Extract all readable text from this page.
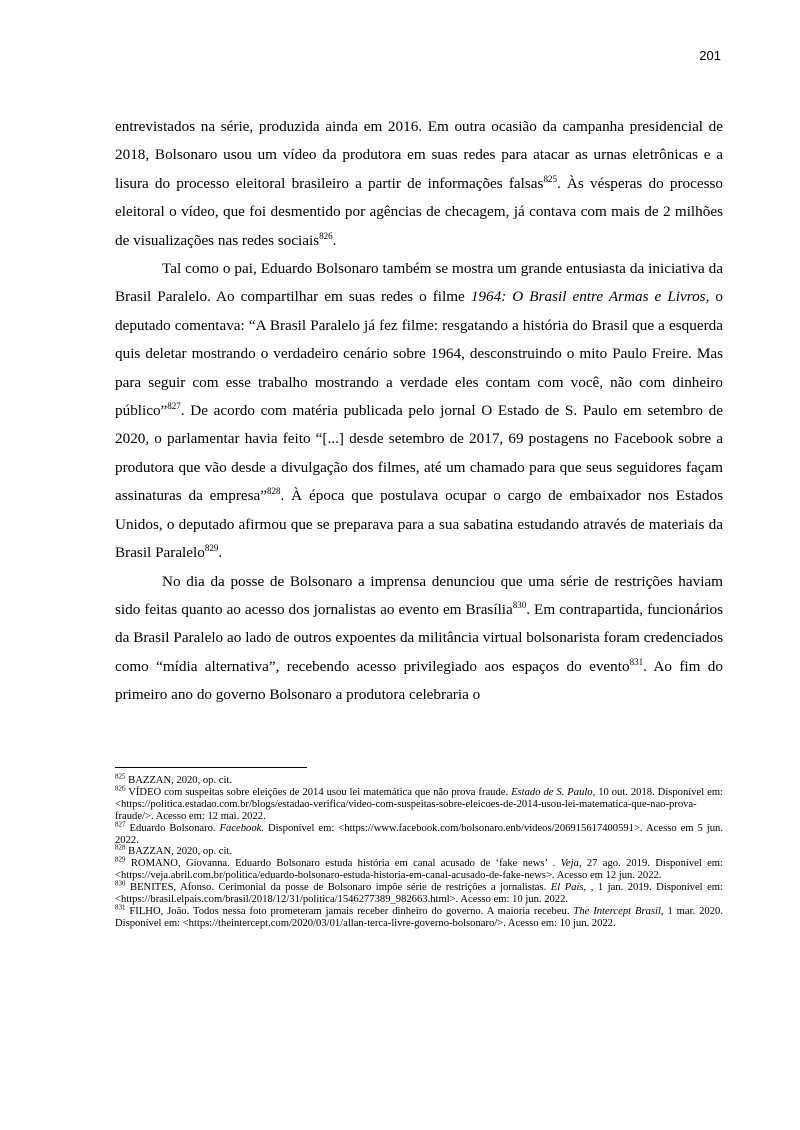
201

entrevistados na série, produzida ainda em 2016. Em outra ocasião da campanha presidencial de 2018, Bolsonaro usou um vídeo da produtora em suas redes para atacar as urnas eletrônicas e a lisura do processo eleitoral brasileiro a partir de informações falsas$^{825}$. Às vésperas do processo eleitoral o vídeo, que foi desmentido por agências de checagem, já contava com mais de 2 milhões de visualizações nas redes sociais$^{826}$.

Tal como o pai, Eduardo Bolsonaro também se mostra um grande entusiasta da iniciativa da Brasil Paralelo. Ao compartilhar em suas redes o filme 1964: O Brasil entre Armas e Livros, o deputado comentava: “A Brasil Paralelo já fez filme: resgatando a história do Brasil que a esquerda quis deletar mostrando o verdadeiro cenário sobre 1964, desconstruindo o mito Paulo Freire. Mas para seguir com esse trabalho mostrando a verdade eles contam com você, não com dinheiro público”$^{827}$. De acordo com matéria publicada pelo jornal O Estado de S. Paulo em setembro de 2020, o parlamentar havia feito “[...] desde setembro de 2017, 69 postagens no Facebook sobre a produtora que vão desde a divulgação dos filmes, até um chamado para que seus seguidores façam assinaturas da empresa”$^{828}$. À época que postulava ocupar o cargo de embaixador nos Estados Unidos, o deputado afirmou que se preparava para a sua sabatina estudando através de materiais da Brasil Paralelo$^{829}$.

No dia da posse de Bolsonaro a imprensa denunciou que uma série de restrições haviam sido feitas quanto ao acesso dos jornalistas ao evento em Brasília$^{830}$. Em contrapartida, funcionários da Brasil Paralelo ao lado de outros expoentes da militância virtual bolsonarista foram credenciados como “mídia alternativa”, recebendo acesso privilegiado aos espaços do evento$^{831}$. Ao fim do primeiro ano do governo Bolsonaro a produtora celebraria o

$^{825}$ BAZZAN, 2020, op. cit.

$^{826}$ VÍDEO com suspeitas sobre eleições de 2014 usou lei matemática que não prova fraude. Estado de S. Paulo, 10 out. 2018. Disponível em: <https://politica.estadao.com.br/blogs/estadao-verifica/video-com-suspeitas-sobre-eleicoes-de-2014-usou-lei-matematica-que-nao-prova-fraude/>. Acesso em: 12 mai. 2022.

$^{827}$ Eduardo Bolsonaro. Facebook. Disponível em: <https://www.facebook.com/bolsonaro.enb/videos/206915617400591>. Acesso em 5 jun. 2022.

$^{828}$ BAZZAN, 2020, op. cit.

$^{829}$ ROMANO, Giovanna. Eduardo Bolsonaro estuda história em canal acusado de ‘fake news’ . Veja, 27 ago. 2019. Disponível em: <https://veja.abril.com.br/politica/eduardo-bolsonaro-estuda-historia-em-canal-acusado-de-fake-news>. Acesso em 12 jun. 2022.

$^{830}$ BENITES, Afonso. Cerimonial da posse de Bolsonaro impõe série de restrições a jornalistas. El País, , 1 jan. 2019. Disponível em: <https://brasil.elpais.com/brasil/2018/12/31/politica/1546277389_982663.html>. Acesso em: 10 jun. 2022.

$^{831}$ FILHO, João. Todos nessa foto prometeram jamais receber dinheiro do governo. A maioria recebeu. The Intercept Brasil, 1 mar. 2020. Disponível em: <https://theintercept.com/2020/03/01/allan-terca-livre-governo-bolsonaro/>. Acesso em: 10 jun. 2022.
